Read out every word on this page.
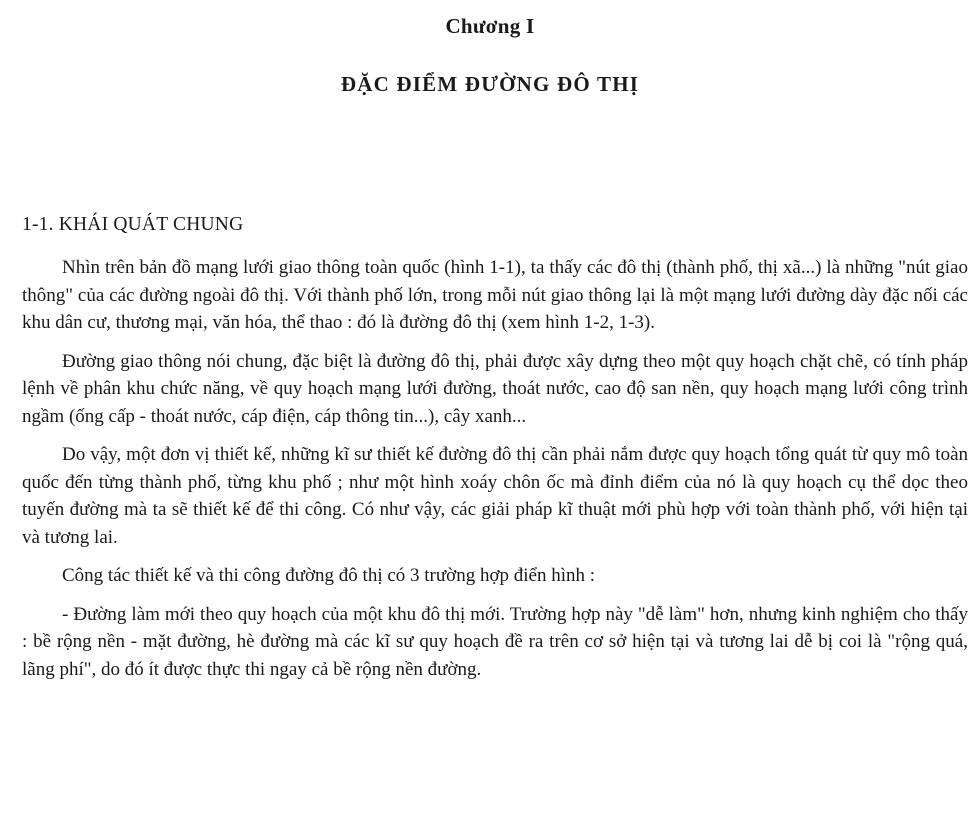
Chương I
ĐẶC ĐIỂM ĐƯỜNG ĐÔ THỊ
1-1. KHÁI QUÁT CHUNG

Nhìn trên bản đồ mạng lưới giao thông toàn quốc (hình 1-1), ta thấy các đô thị (thành phố, thị xã...) là những "nút giao thông" của các đường ngoài đô thị. Với thành phố lớn, trong mỗi nút giao thông lại là một mạng lưới đường dày đặc nối các khu dân cư, thương mại, văn hóa, thể thao : đó là đường đô thị (xem hình 1-2, 1-3).

Đường giao thông nói chung, đặc biệt là đường đô thị, phải được xây dựng theo một quy hoạch chặt chẽ, có tính pháp lệnh về phân khu chức năng, về quy hoạch mạng lưới đường, thoát nước, cao độ san nền, quy hoạch mạng lưới công trình ngầm (ống cấp - thoát nước, cáp điện, cáp thông tin...), cây xanh...

Do vậy, một đơn vị thiết kế, những kĩ sư thiết kế đường đô thị cần phải nắm được quy hoạch tổng quát từ quy mô toàn quốc đến từng thành phố, từng khu phố ; như một hình xoáy chôn ốc mà đỉnh điểm của nó là quy hoạch cụ thể dọc theo tuyến đường mà ta sẽ thiết kế để thi công. Có như vậy, các giải pháp kĩ thuật mới phù hợp với toàn thành phố, với hiện tại và tương lai.

Công tác thiết kế và thi công đường đô thị có 3 trường hợp điển hình :

- Đường làm mới theo quy hoạch của một khu đô thị mới. Trường hợp này "dễ làm" hơn, nhưng kinh nghiệm cho thấy : bề rộng nền - mặt đường, hè đường mà các kĩ sư quy hoạch đề ra trên cơ sở hiện tại và tương lai dễ bị coi là "rộng quá, lãng phí", do đó ít được thực thi ngay cả bề rộng nền đường.
